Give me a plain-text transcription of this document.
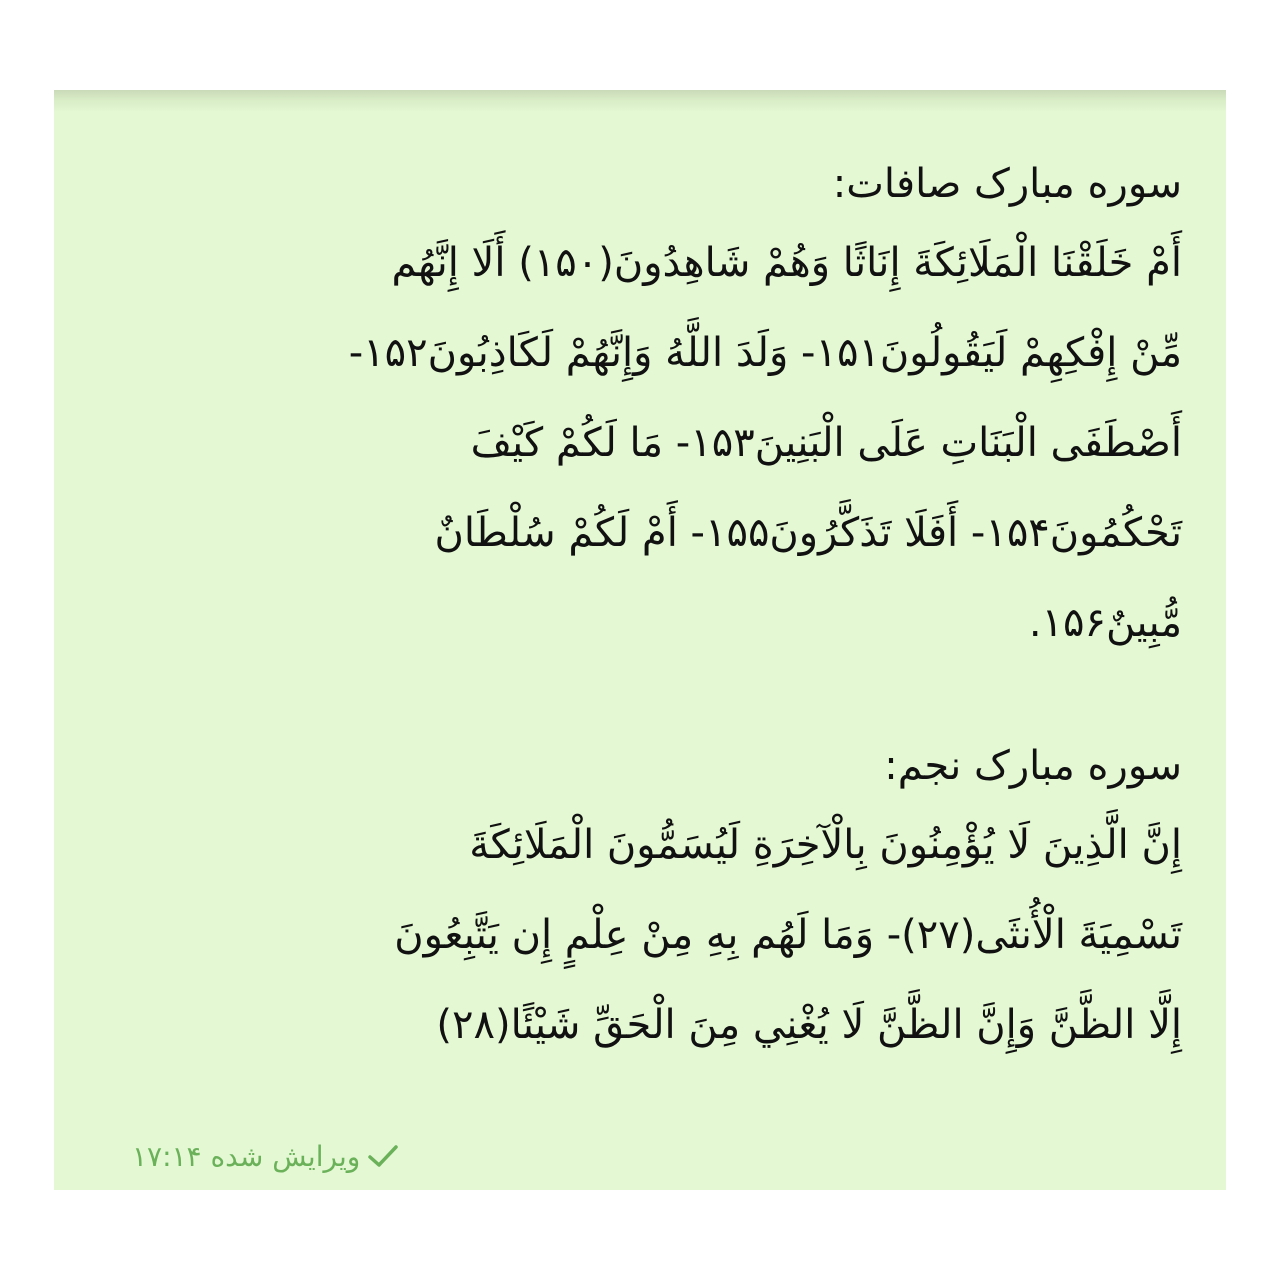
سوره مبارک صافات:

أَمْ خَلَقْنَا الْمَلَائِكَةَ إِنَاثًا وَهُمْ شَاهِدُونَ(۱۵۰) أَلَا إِنَّهُم

مِّنْ إِفْكِهِمْ لَيَقُولُونَ۱۵۱- وَلَدَ اللَّهُ وَإِنَّهُمْ لَكَاذِبُونَ۱۵۲-

أَصْطَفَى الْبَنَاتِ عَلَى الْبَنِينَ۱۵۳- مَا لَكُمْ كَيْفَ

تَحْكُمُونَ۱۵۴- أَفَلَا تَذَكَّرُونَ۱۵۵- أَمْ لَكُمْ سُلْطَانٌ

مُّبِينٌ۱۵۶.

سوره مبارک نجم:

إِنَّ الَّذِينَ لَا يُؤْمِنُونَ بِالْآخِرَةِ لَيُسَمُّونَ الْمَلَائِكَةَ

تَسْمِيَةَ الْأُنثَى(۲۷)- وَمَا لَهُم بِهِ مِنْ عِلْمٍ إِن يَتَّبِعُونَ

إِلَّا الظَّنَّ وَإِنَّ الظَّنَّ لَا يُغْنِي مِنَ الْحَقِّ شَيْئًا(۲۸)

ویرایش شده ۱۷:۱۴
